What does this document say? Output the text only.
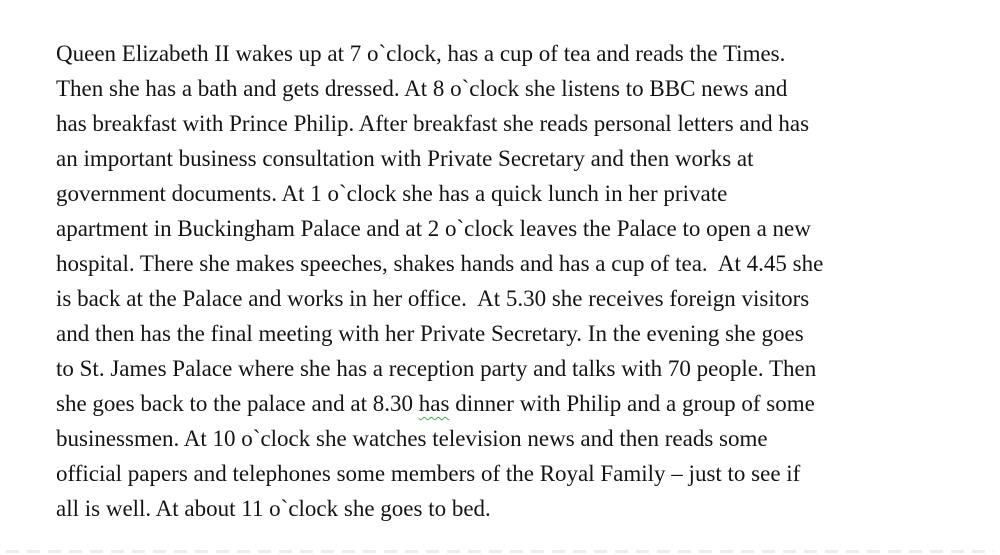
Queen Elizabeth II wakes up at 7 o`clock, has a cup of tea and reads the Times.
Then she has a bath and gets dressed. At 8 o`clock she listens to BBC news and
has breakfast with Prince Philip. After breakfast she reads personal letters and has
an important business consultation with Private Secretary and then works at
government documents. At 1 o`clock she has a quick lunch in her private
apartment in Buckingham Palace and at 2 o`clock leaves the Palace to open a new
hospital. There she makes speeches, shakes hands and has a cup of tea.  At 4.45 she
is back at the Palace and works in her office.  At 5.30 she receives foreign visitors
and then has the final meeting with her Private Secretary. In the evening she goes
to St. James Palace where she has a reception party and talks with 70 people. Then
she goes back to the palace and at 8.30 has dinner with Philip and a group of some
businessmen. At 10 o`clock she watches television news and then reads some
official papers and telephones some members of the Royal Family – just to see if
all is well. At about 11 o`clock she goes to bed.
